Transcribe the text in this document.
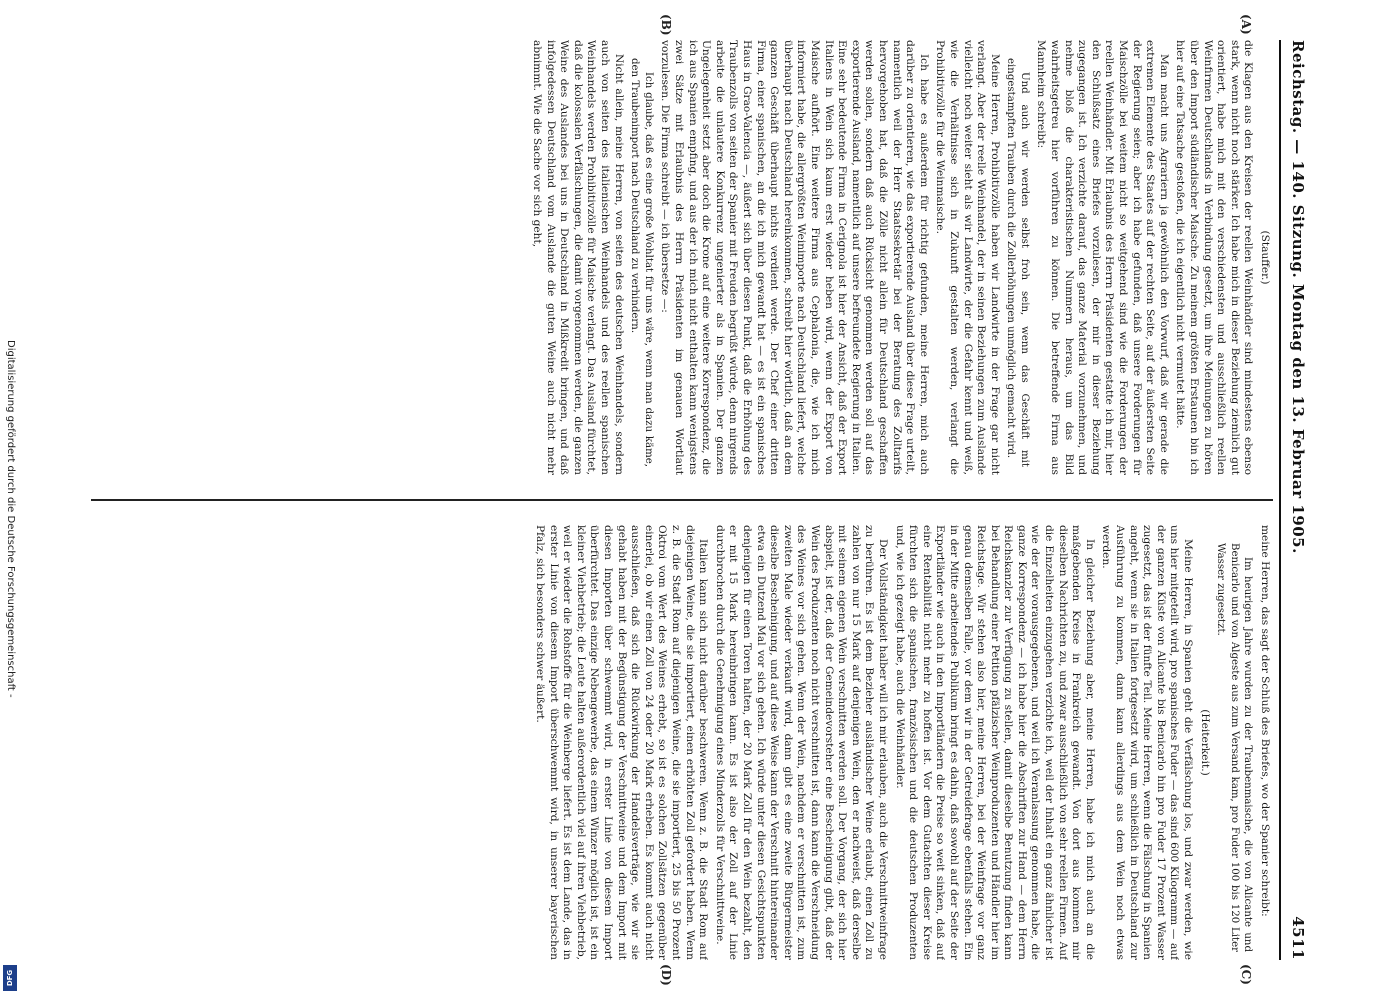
Digitalisierung gefördert durch die Deutsche Forschungsgemeinschaft -
DFG
Reichstag. — 140. Sitzung. Montag den 13. Februar 1905.
4511
(A)
(B)
(C)
(D)

(Stauffer.)

die Klagen aus den Kreisen der reellen Weinhändler sind mindestens ebenso stark, wenn nicht noch stärker. Ich habe mich in dieser Beziehung ziemlich gut orientiert, habe mich mit den verschiedensten und ausschließlich reellen Weinfirmen Deutschlands in Verbindung gesetzt, um ihre Meinungen zu hören über den Import südländischer Maische. Zu meinem größten Erstaunen bin ich hier auf eine Tatsache gestoßen, die ich eigentlich nicht vermutet hätte.

Man macht uns Agrariern ja gewöhnlich den Vorwurf, daß wir gerade die extremen Elemente des Staates auf der rechten Seite, auf der äußersten Seite der Regierung seien; aber ich habe gefunden, daß unsere Forderungen für Maischzölle bei weitem nicht so weitgehend sind wie die Forderungen der reellen Weinhändler. Mit Erlaubnis des Herrn Präsidenten gestatte ich mir, hier den Schlußsatz eines Briefes vorzulesen, der mir in dieser Beziehung zugegangen ist. Ich verzichte darauf, das ganze Material vorzunehmen, und nehme bloß die charakteristischen Nummern heraus, um das Bild wahrheitsgetreu hier vorführen zu können. Die betreffende Firma aus Mannheim schreibt:

Und auch wir werden selbst froh sein, wenn das Geschäft mit eingestampften Trauben durch die Zollerhöhungen unmöglich gemacht wird.

Meine Herren, Prohibitivzölle haben wir Landwirte in der Frage gar nicht verlangt. Aber der reelle Weinhandel, der in seinen Beziehungen zum Auslande vielleicht noch weiter sieht als wir Landwirte, der die Gefahr kennt und weiß, wie die Verhältnisse sich in Zukunft gestalten werden, verlangt die Prohibitivzölle für die Weinmaische.

Ich habe es außerdem für richtig gefunden, meine Herren, mich auch darüber zu orientieren, wie das exportierende Ausland über diese Frage urteilt, namentlich weil der Herr Staatssekretär bei der Beratung des Zolltarifs hervorgehoben hat, daß die Zölle nicht allein für Deutschland geschaffen werden sollen, sondern daß auch Rücksicht genommen werden soll auf das exportierende Ausland, namentlich auf unsere befreundete Regierung in Italien. Eine sehr bedeutende Firma in Cerignola ist hier der Ansicht, daß der Export Italiens in Wein sich kaum erst wieder heben wird, wenn der Export von Maische aufhört. Eine weitere Firma aus Cephalonia, die, wie ich mich informiert habe, die allergrößten Weinimporte nach Deutschland liefert, welche überhaupt nach Deutschland hereinkommen, schreibt hier wörtlich, daß an dem ganzen Geschäft überhaupt nichts verdient werde. Der Chef einer dritten Firma, einer spanischen, an die ich mich gewandt hat — es ist ein spanisches Haus in Grao-Valencia —, äußert sich über diesen Punkt, daß die Erhöhung des Traubenzolls von seiten der Spanier mit Freuden begrüßt würde, denn nirgends arbeite die unlautere Konkurrenz ungenierter als in Spanien. Der ganzen Ungelegenheit setzt aber doch die Krone auf eine weitere Korrespondenz, die ich aus Spanien empfing, und aus der ich mich nicht enthalten kann wenigstens zwei Sätze mit Erlaubnis des Herrn Präsidenten im genauen Wortlaut vorzulesen. Die Firma schreibt — ich übersetze —:

Ich glaube, daß es eine große Wohltat für uns wäre, wenn man dazu käme, den Traubenimport nach Deutschland zu verhindern.

Nicht allein, meine Herren, von seiten des deutschen Weinhandels, sondern auch von seiten des italienischen Weinhandels und des reellen spanischen Weinhandels werden Prohibitivzölle für Maische verlangt. Das Ausland fürchtet, daß die kolossalen Verfälschungen, die damit vorgenommen werden, die ganzen Weine des Auslandes bei uns in Deutschland in Mißkredit bringen, und daß infolgedessen Deutschland vom Auslande die guten Weine auch nicht mehr abnimmt. Wie die Sache vor sich geht,

meine Herren, das sagt der Schluß des Briefes, wo der Spanier schreibt:

Im heurigen Jahre wurden zu der Traubenmaische, die von Alicante und Benicarlo und von Algeste aus zum Versand kam, pro Fuder 100 bis 120 Liter Wasser zugesetzt.

(Heiterkeit.)

Meine Herren, in Spanien geht die Verfälschung los, und zwar werden, wie uns hier mitgeteilt wird, pro spanisches Fuder — das sind 600 Kilogramm — auf der ganzen Küste von Alicante bis Benicarlo hin pro Fuder 17 Prozent Wasser zugesetzt, das ist der fünfte Teil. Meine Herren, wenn die Fälschung in Spanien angeht, wenn sie in Italien fortgesetzt wird, um schließlich in Deutschland zur Ausführung zu kommen, dann kann allerdings aus dem Wein noch etwas werden.

In gleicher Beziehung aber, meine Herren, habe ich mich auch an die maßgebenden Kreise in Frankreich gewandt. Von dort aus kommen mir dieselben Nachrichten zu, und zwar ausschließlich von sehr reellen Firmen. Auf die Einzelheiten einzugehen verzichte ich, weil der Inhalt ein ganz ähnlicher ist wie der der vorausgegebenen, und weil ich Veranlassung genommen habe, die ganze Korrespondenz — ich habe hier die Abschriften zur Hand — dem Herrn Reichskanzler zur Verfügung zu stellen, damit dieselbe Benutzung finden kann bei Behandlung einer Petition pfälzischer Weinproduzenten und Händler hier im Reichstage. Wir stehen also hier, meine Herren, bei der Weinfrage vor ganz genau demselben Falle, vor dem wir in der Getreidefrage ebenfalls stehen. Ein in der Mitte arbeitendes Publikum bringt es dahin, daß sowohl auf der Seite der Exportländer wie auch in den Importländern die Preise so weit sinken, daß auf eine Rentabilität nicht mehr zu hoffen ist. Vor dem Gutachten dieser Kreise fürchten sich die spanischen, französischen und die deutschen Produzenten und, wie ich gezeigt habe, auch die Weinhändler.

Der Vollständigkeit halber will ich mir erlauben, auch die Verschnittweinfrage zu berühren. Es ist dem Bezieher ausländischer Weine erlaubt, einen Zoll zu zahlen von nur 15 Mark auf denjenigen Wein, den er nachweist, daß derselbe mit seinem eigenen Wein verschnitten werden soll. Der Vorgang, der sich hier abspielt, ist der, daß der Gemeindevorsteher eine Bescheinigung gibt, daß der Wein des Produzenten noch nicht verschnitten ist, dann kann die Verschneidung des Weines vor sich gehen. Wenn der Wein, nachdem er verschnitten ist, zum zweiten Male wieder verkauft wird, dann gibt es eine zweite Bürgermeister dieselbe Bescheinigung, und auf diese Weise kann der Verschnitt hintereinander etwa ein Dutzend Mal vor sich gehen. Ich würde unter diesen Gesichtspunkten denjenigen für einen Toren halten, der 20 Mark Zoll für den Wein bezahlt, den er mit 15 Mark hereinbringen kann. Es ist also der Zoll auf der Linie durchbrochen durch die Genehmigung eines Minderzolls für Verschnittweine.

Italien kann sich nicht darüber beschweren. Wenn z. B. die Stadt Rom auf diejenigen Weine, die sie importiert, einen erhöhten Zoll gefordert haben. Wenn z. B. die Stadt Rom auf diejenigen Weine, die sie importiert, 25 bis 50 Prozent Oktroi vom Wert des Weines erhebt, so ist es solchen Zollsätzen gegenüber einerlei, ob wir einen Zoll von 24 oder 20 Mark erheben. Es kommt auch nicht ausschließen, daß sich die Rückwirkung der Handelsverträge, wie wir sie gehabt haben mit der Begünstigung der Verschnittweine und dem Import mit diesen Importen über schwemmt wird, in erster Linie von diesem Import überfürchtet. Das einzige Nebengewerbe, das einem Winzer möglich ist, ist ein kleiner Viehbetrieb; die Leute halten außerordentlich viel auf ihren Viehbetrieb, weil er wieder die Rohstoffe für die Weinberge liefert. Es ist dem Lande, das in erster Linie von diesem Import überschwemmt wird, in unserer bayerischen Pfalz, sich besonders schwer äußert.
